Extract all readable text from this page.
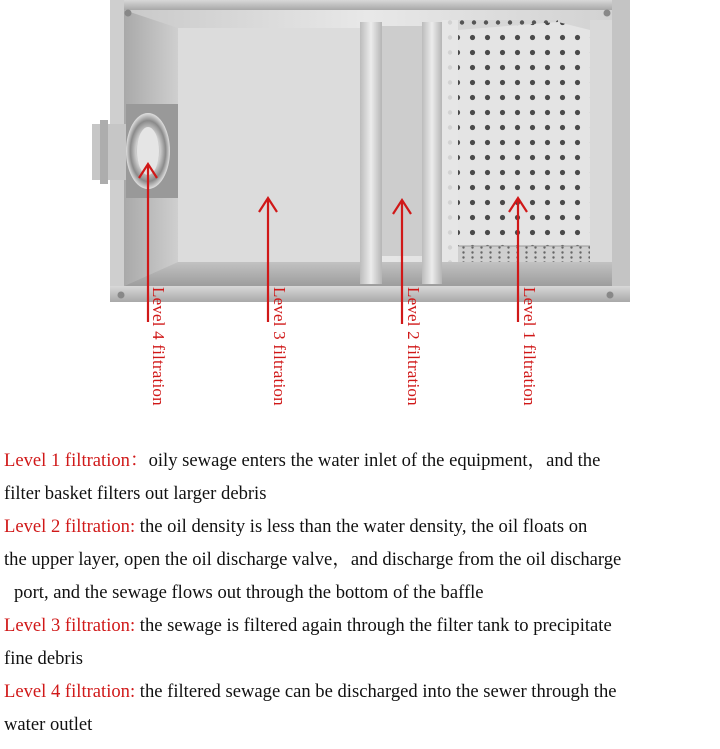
Level 4 filtration	Level 3 filtration	Level 2 filtration	Level 1 filtration
Level 1 filtration：oily sewage enters the water inlet of the equipment，and the
filter basket filters out larger debris
Level 2 filtration: the oil density is less than the water density, the oil floats on
the upper layer, open the oil discharge valve，and discharge from the oil discharge
port, and the sewage flows out through the bottom of the baffle
Level 3 filtration: the sewage is filtered again through the filter tank to precipitate
fine debris
Level 4 filtration: the filtered sewage can be discharged into the sewer through the
water outlet
